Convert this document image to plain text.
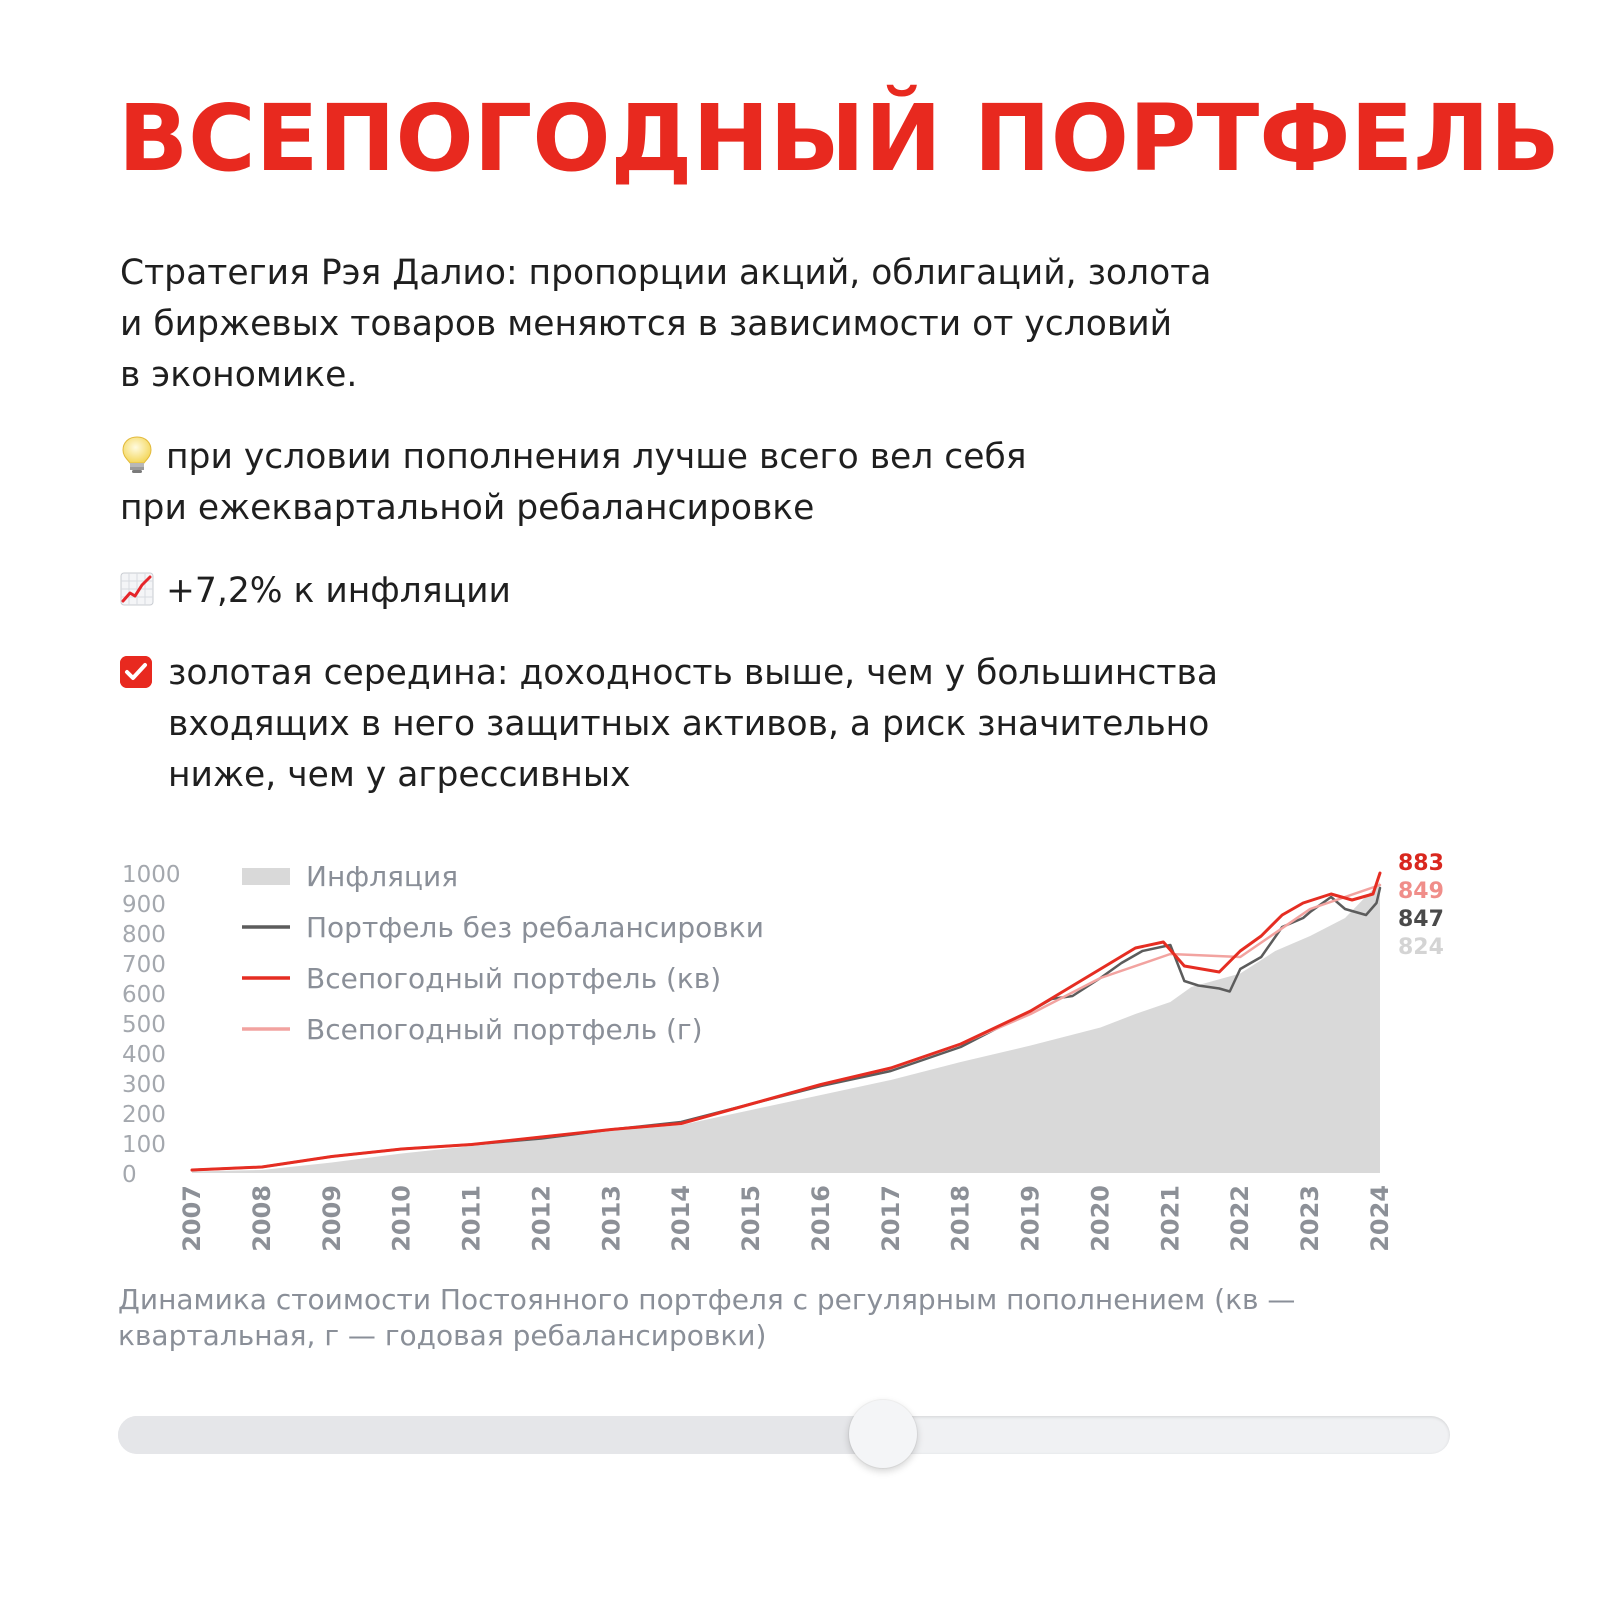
ВСЕПОГОДНЫЙ ПОРТФЕЛЬ

Стратегия Рэя Далио: пропорции акций, облигаций, золота
и биржевых товаров меняются в зависимости от условий
в экономике.

при условии пополнения лучше всего вел себя
при ежеквартальной ребалансировке

+7,2% к инфляции

золотая середина: доходность выше, чем у большинства
входящих в него защитных активов, а риск значительно
ниже, чем у агрессивных
0
100
200
300
400
500
600
700
800
900
1000
2007 2008 2009 2010 2011 2012 2013 2014 2015 2016 2017 2018 2019 2020 2021 2022 2023 2024
Инфляция
Портфель без ребалансировки
Всепогодный портфель (кв)
Всепогодный портфель (г)
883
849
847
824

Динамика стоимости Постоянного портфеля с регулярным пополнением (кв —
квартальная, г — годовая ребалансировки)
